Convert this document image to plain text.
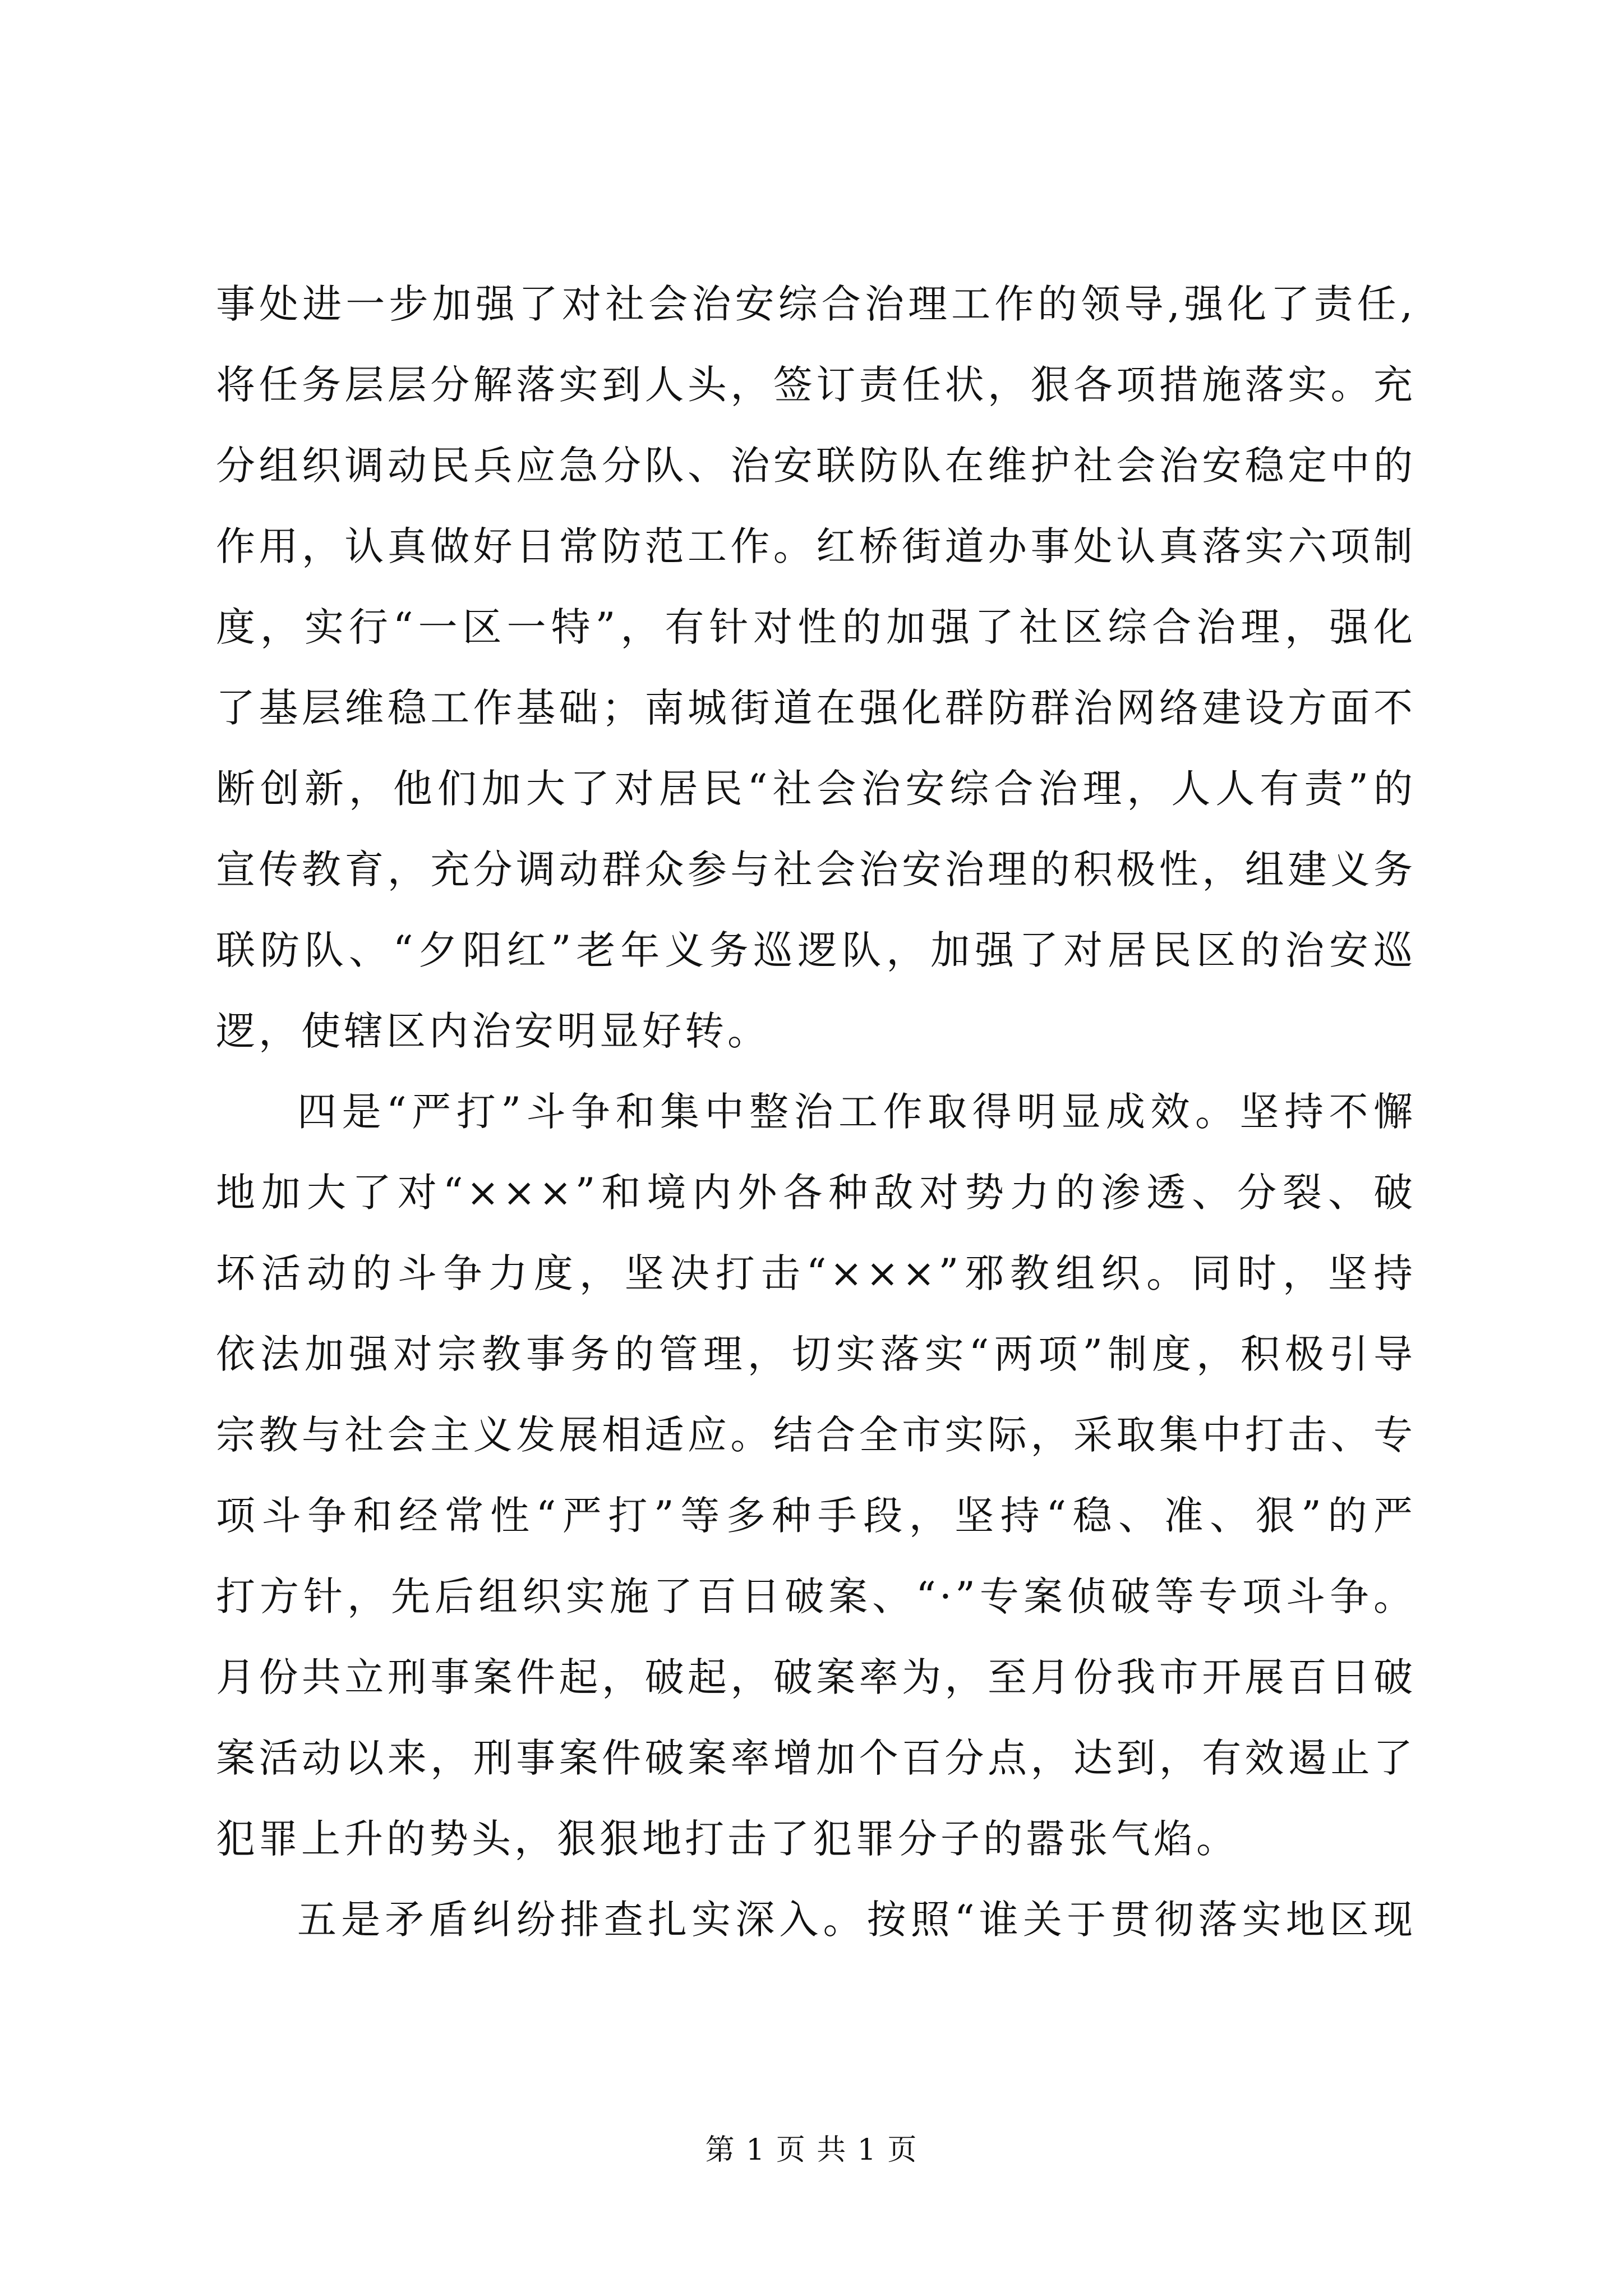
事处进一步加强了对社会治安综合治理工作的领导,强化了责任,
将任务层层分解落实到人头，签订责任状，狠各项措施落实。充
分组织调动民兵应急分队、治安联防队在维护社会治安稳定中的
作用，认真做好日常防范工作。红桥街道办事处认真落实六项制
度，实行“一区一特”，有针对性的加强了社区综合治理，强化
了基层维稳工作基础；南城街道在强化群防群治网络建设方面不
断创新，他们加大了对居民“社会治安综合治理，人人有责”的
宣传教育，充分调动群众参与社会治安治理的积极性，组建义务
联防队、“夕阳红”老年义务巡逻队，加强了对居民区的治安巡
逻，使辖区内治安明显好转。
四是“严打”斗争和集中整治工作取得明显成效。坚持不懈
地加大了对“×××”和境内外各种敌对势力的渗透、分裂、破
坏活动的斗争力度，坚决打击“×××”邪教组织。同时，坚持
依法加强对宗教事务的管理，切实落实“两项”制度，积极引导
宗教与社会主义发展相适应。结合全市实际，采取集中打击、专
项斗争和经常性“严打”等多种手段，坚持“稳、准、狠”的严
打方针，先后组织实施了百日破案、“·”专案侦破等专项斗争。
月份共立刑事案件起，破起，破案率为，至月份我市开展百日破
案活动以来，刑事案件破案率增加个百分点，达到，有效遏止了
犯罪上升的势头，狠狠地打击了犯罪分子的嚣张气焰。
五是矛盾纠纷排查扎实深入。按照“谁关于贯彻落实地区现
第 1 页 共 1 页
